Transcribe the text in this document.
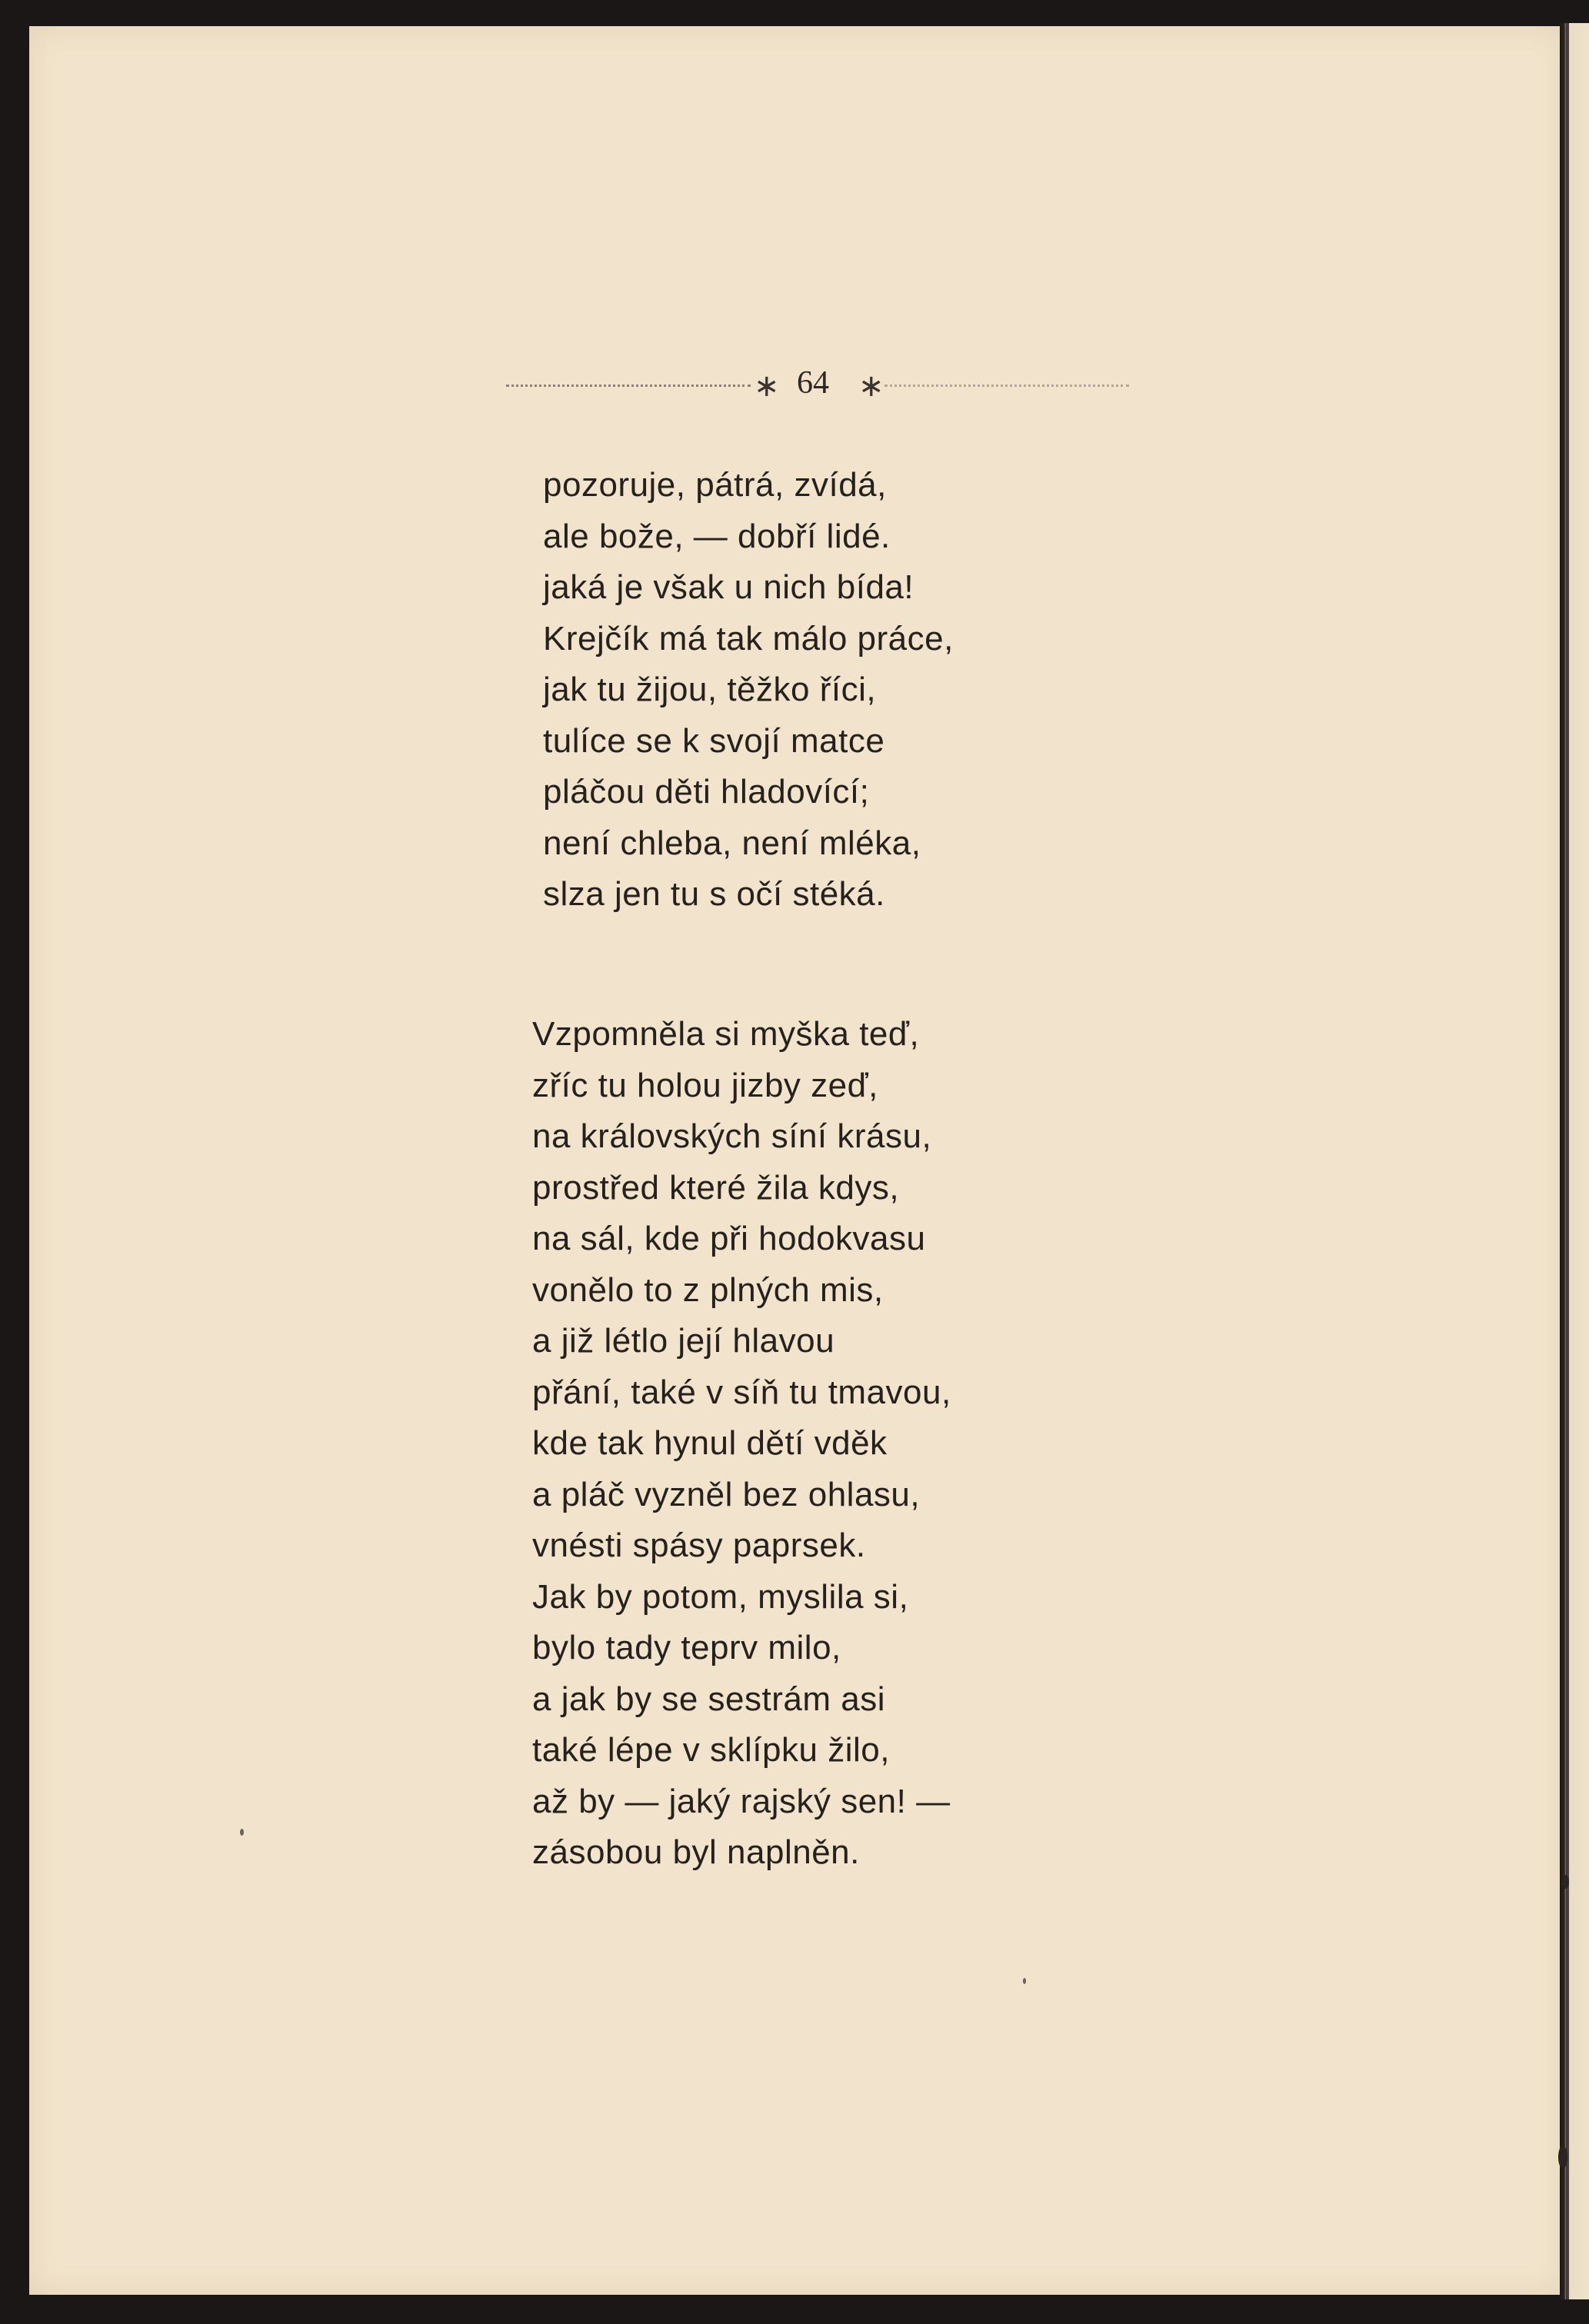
∗ 64 ∗
pozoruje, pátrá, zvídá,
ale bože, — dobří lidé.
jaká je však u nich bída!
Krejčík má tak málo práce,
jak tu žijou, těžko říci,
tulíce se k svojí matce
pláčou děti hladovící;
není chleba, není mléka,
slza jen tu s očí stéká.
Vzpomněla si myška teď,
zříc tu holou jizby zeď,
na královských síní krásu,
prostřed které žila kdys,
na sál, kde při hodokvasu
vonělo to z plných mis,
a již létlo její hlavou
přání, také v síň tu tmavou,
kde tak hynul dětí vděk
a pláč vyzněl bez ohlasu,
vnésti spásy paprsek.
Jak by potom, myslila si,
bylo tady teprv milo,
a jak by se sestrám asi
také lépe v sklípku žilo,
až by — jaký rajský sen! —
zásobou byl naplněn.
